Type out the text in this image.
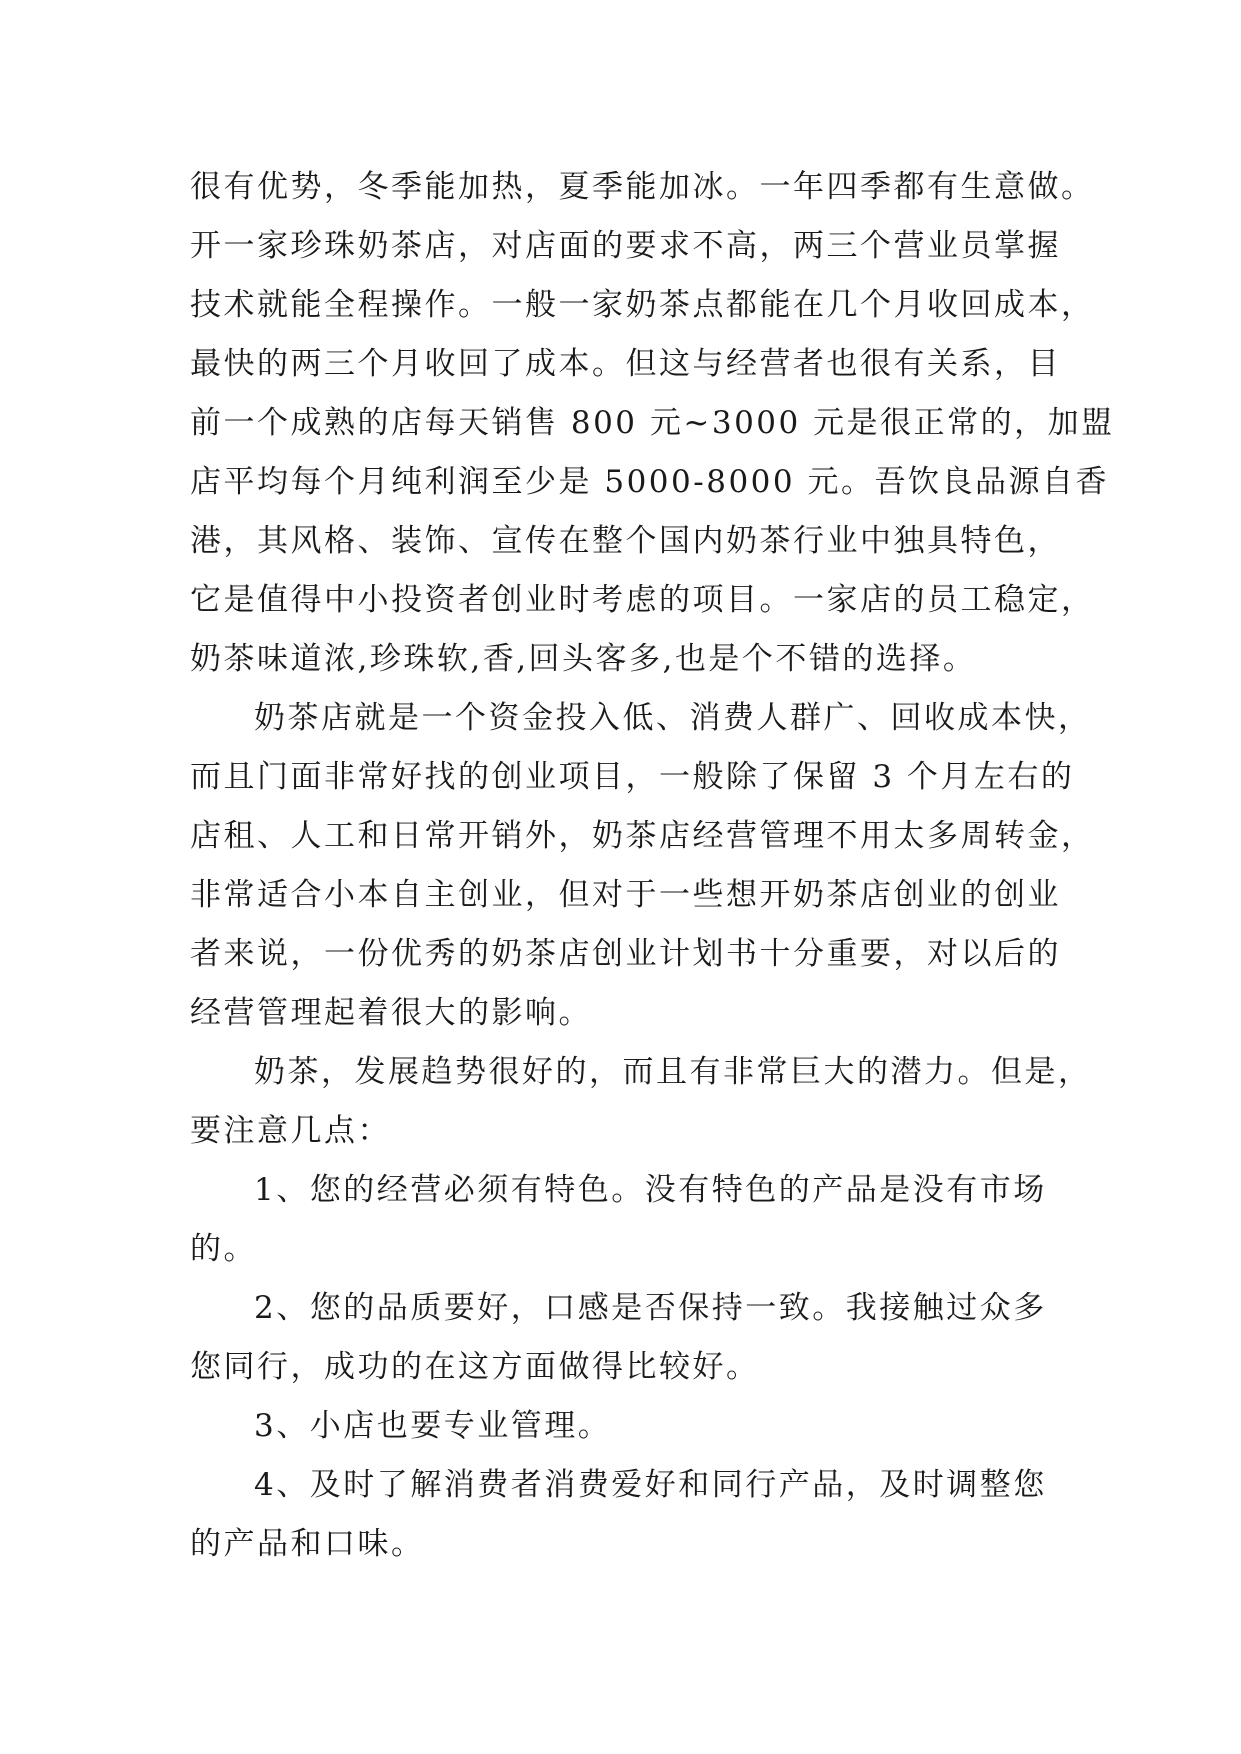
很有优势，冬季能加热，夏季能加冰。一年四季都有生意做。
开一家珍珠奶茶店，对店面的要求不高，两三个营业员掌握
技术就能全程操作。一般一家奶茶点都能在几个月收回成本，
最快的两三个月收回了成本。但这与经营者也很有关系，目
前一个成熟的店每天销售 800 元~3000 元是很正常的，加盟
店平均每个月纯利润至少是 5000-8000 元。吾饮良品源自香
港，其风格、装饰、宣传在整个国内奶茶行业中独具特色，
它是值得中小投资者创业时考虑的项目。一家店的员工稳定，
奶茶味道浓,珍珠软,香,回头客多,也是个不错的选择。
奶茶店就是一个资金投入低、消费人群广、回收成本快，
而且门面非常好找的创业项目，一般除了保留 3 个月左右的
店租、人工和日常开销外，奶茶店经营管理不用太多周转金，
非常适合小本自主创业，但对于一些想开奶茶店创业的创业
者来说，一份优秀的奶茶店创业计划书十分重要，对以后的
经营管理起着很大的影响。
奶茶，发展趋势很好的，而且有非常巨大的潜力。但是，
要注意几点：
1、您的经营必须有特色。没有特色的产品是没有市场
的。
2、您的品质要好，口感是否保持一致。我接触过众多
您同行，成功的在这方面做得比较好。
3、小店也要专业管理。
4、及时了解消费者消费爱好和同行产品，及时调整您
的产品和口味。
